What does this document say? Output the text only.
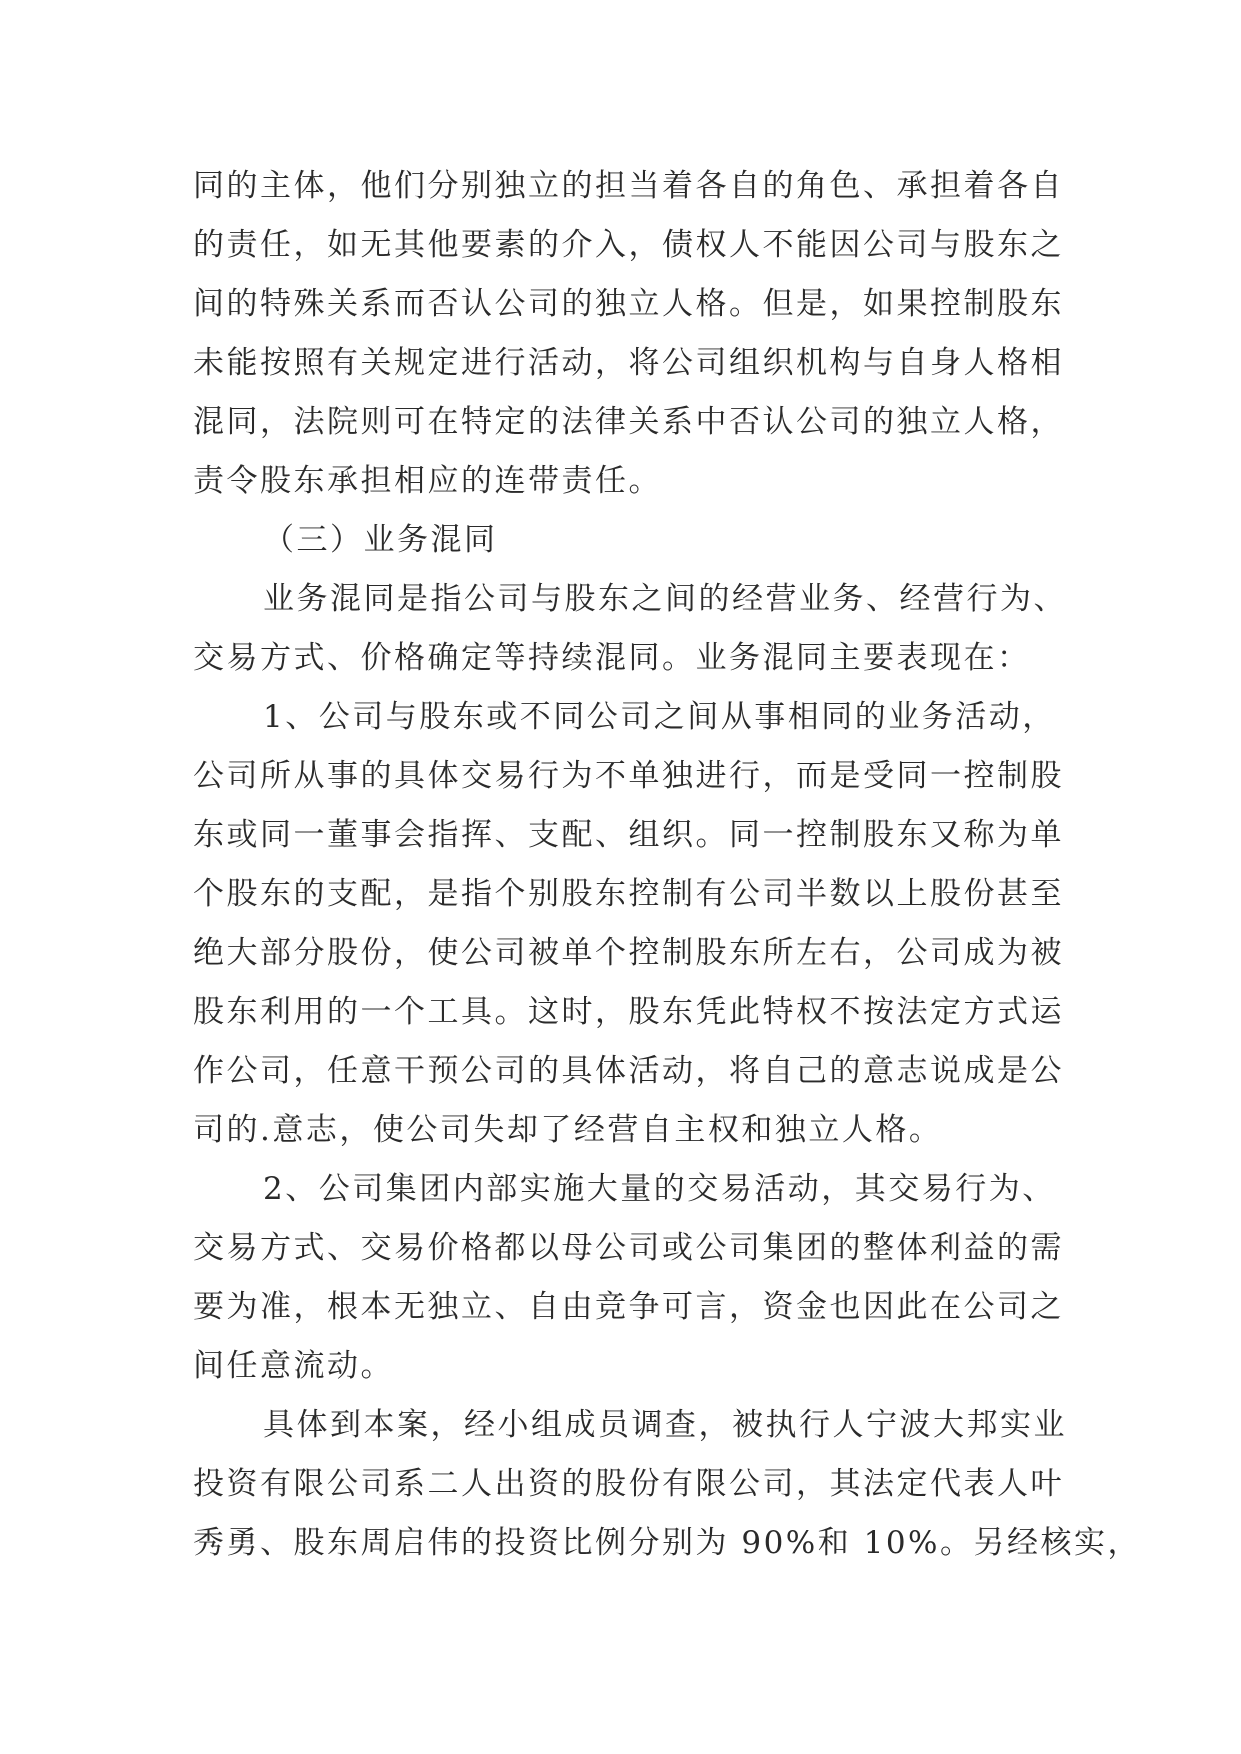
同的主体，他们分别独立的担当着各自的角色、承担着各自
的责任，如无其他要素的介入，债权人不能因公司与股东之
间的特殊关系而否认公司的独立人格。但是，如果控制股东
未能按照有关规定进行活动，将公司组织机构与自身人格相
混同，法院则可在特定的法律关系中否认公司的独立人格，
责令股东承担相应的连带责任。
（三）业务混同
业务混同是指公司与股东之间的经营业务、经营行为、
交易方式、价格确定等持续混同。业务混同主要表现在：
1、公司与股东或不同公司之间从事相同的业务活动，
公司所从事的具体交易行为不单独进行，而是受同一控制股
东或同一董事会指挥、支配、组织。同一控制股东又称为单
个股东的支配，是指个别股东控制有公司半数以上股份甚至
绝大部分股份，使公司被单个控制股东所左右，公司成为被
股东利用的一个工具。这时，股东凭此特权不按法定方式运
作公司，任意干预公司的具体活动，将自己的意志说成是公
司的.意志，使公司失却了经营自主权和独立人格。
2、公司集团内部实施大量的交易活动，其交易行为、
交易方式、交易价格都以母公司或公司集团的整体利益的需
要为准，根本无独立、自由竞争可言，资金也因此在公司之
间任意流动。
具体到本案，经小组成员调查，被执行人宁波大邦实业
投资有限公司系二人出资的股份有限公司，其法定代表人叶
秀勇、股东周启伟的投资比例分别为 90%和 10%。另经核实，
